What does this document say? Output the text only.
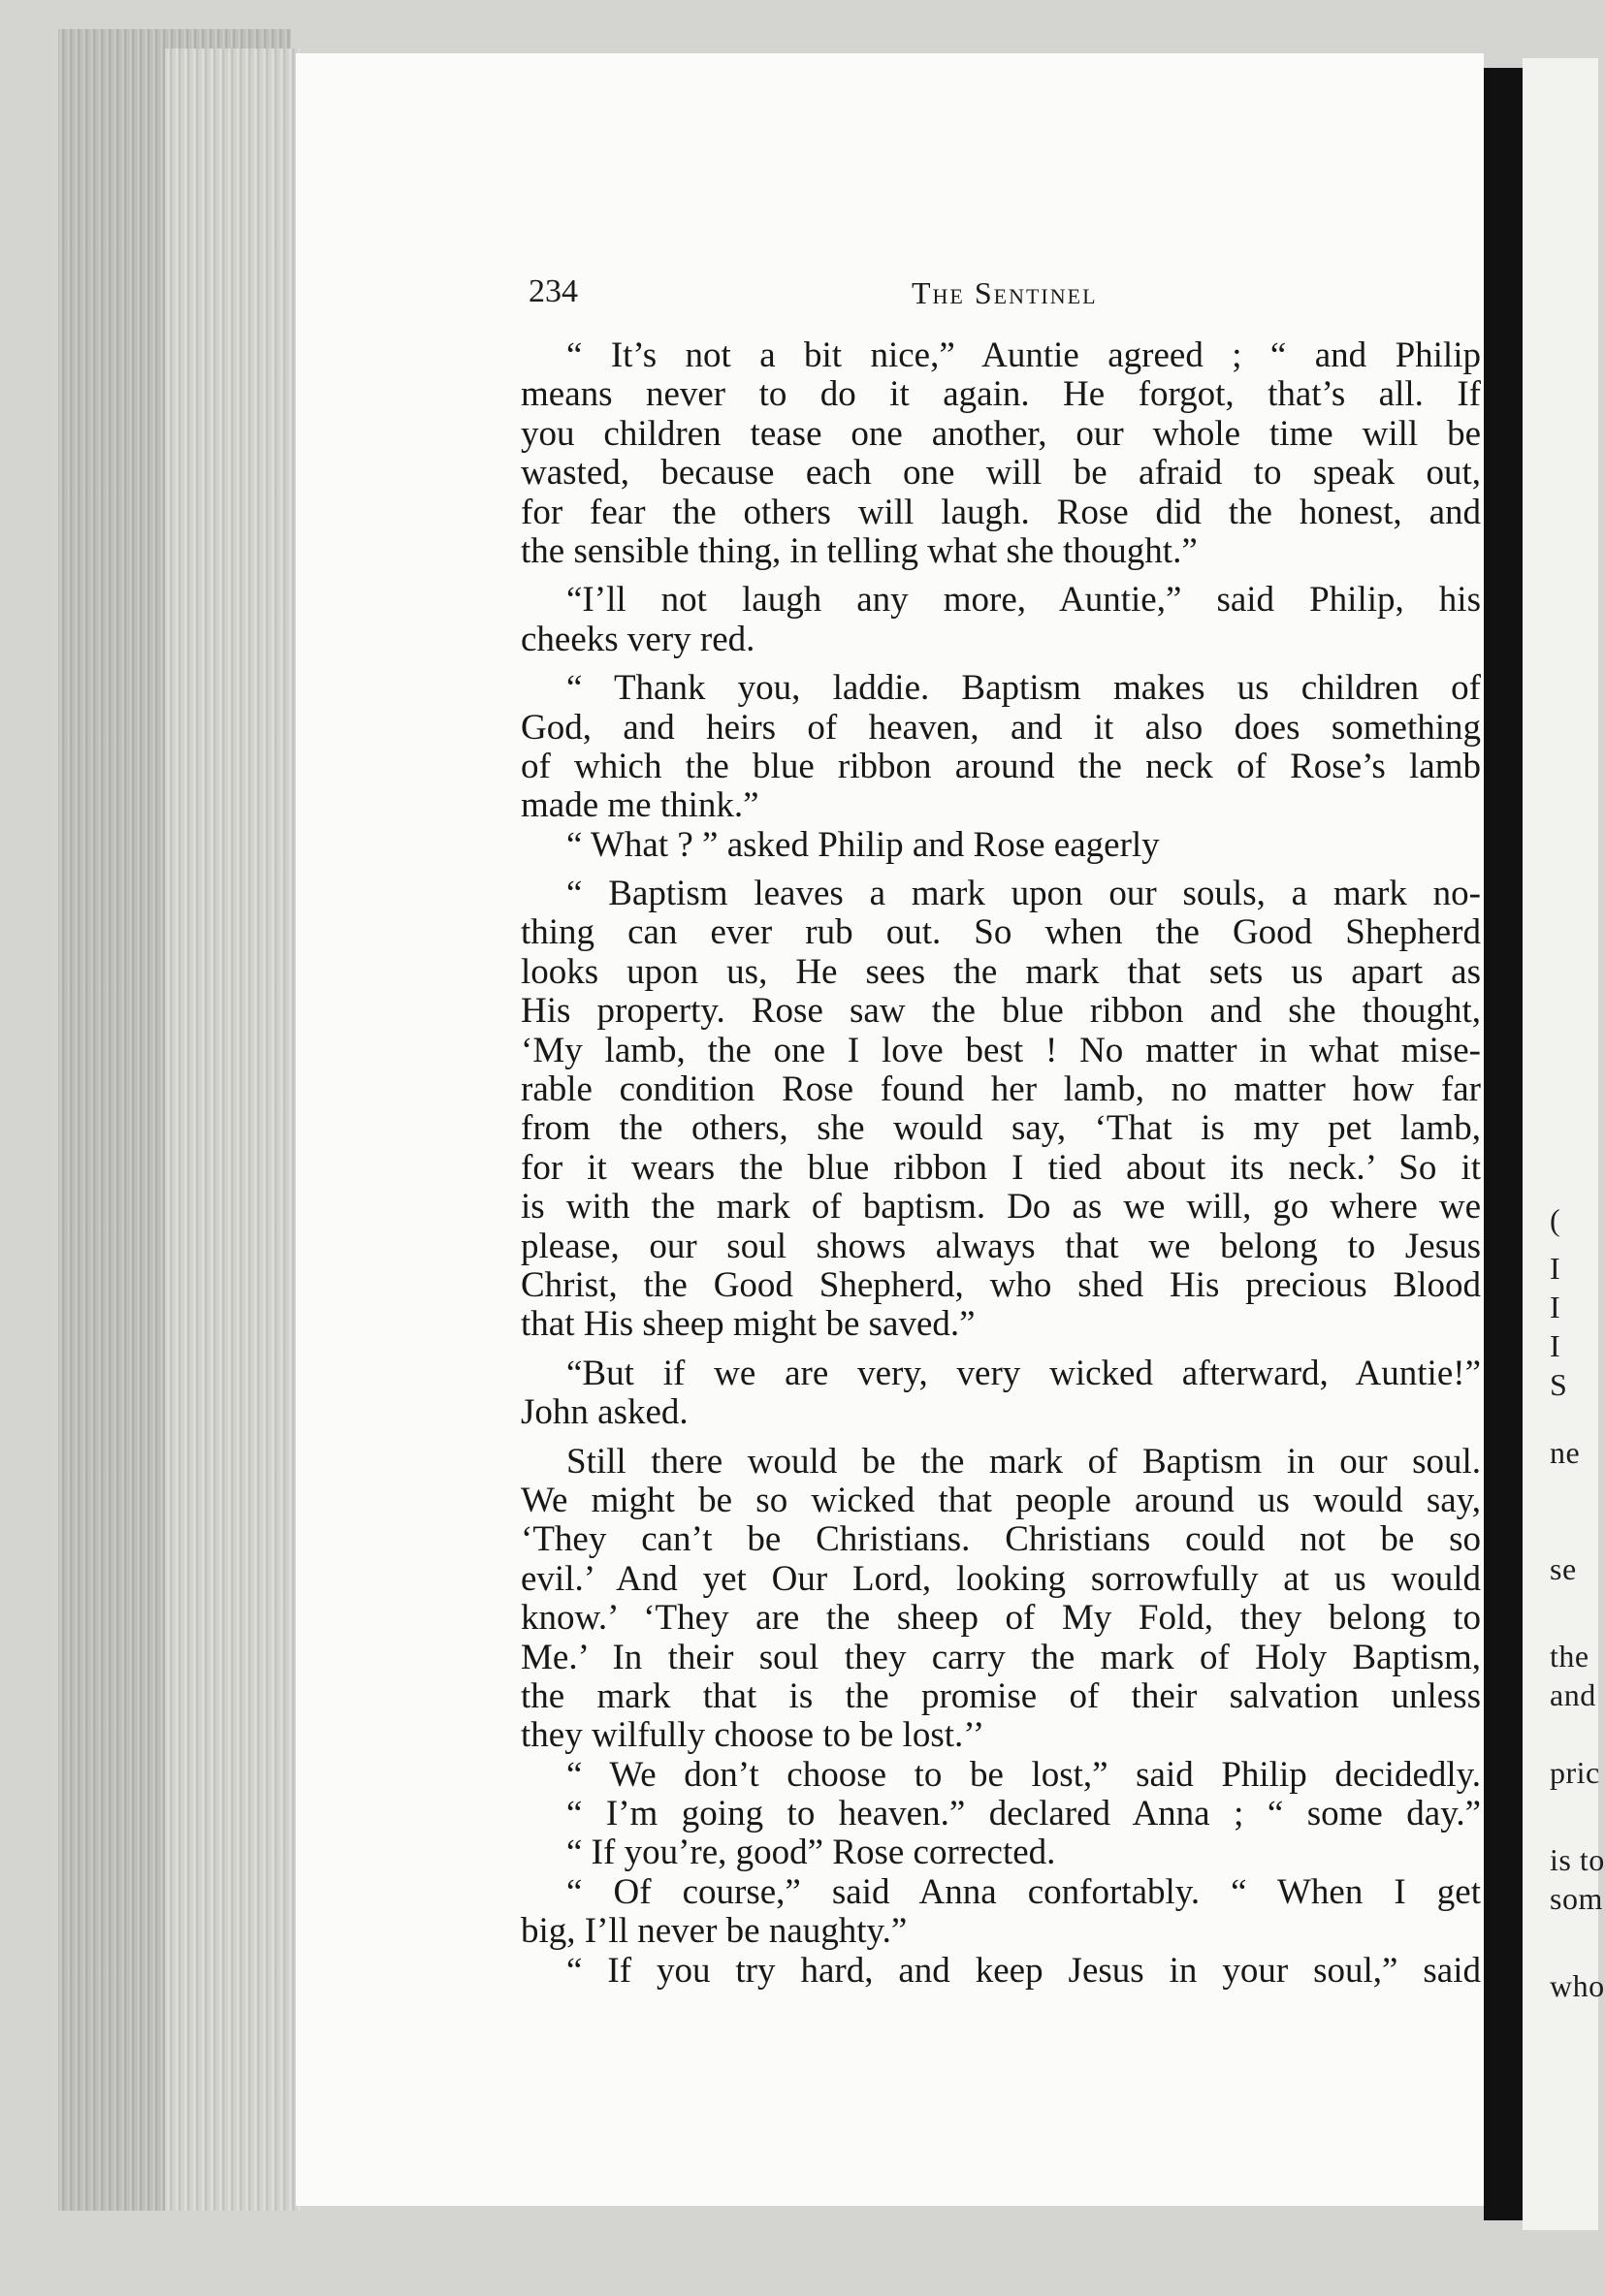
234	The Sentinel
“ It’s not a bit nice,” Auntie agreed ; “ and Philip
means never to do it again. He forgot, that’s all. If
you children tease one another, our whole time will be
wasted, because each one will be afraid to speak out,
for fear the others will laugh. Rose did the honest, and
the sensible thing, in telling what she thought.”
“I’ll not laugh any more, Auntie,” said Philip, his
cheeks very red.
“ Thank you, laddie. Baptism makes us children of
God, and heirs of heaven, and it also does something
of which the blue ribbon around the neck of Rose’s lamb
made me think.”
“ What ? ” asked Philip and Rose eagerly
“ Baptism leaves a mark upon our souls, a mark no-
thing can ever rub out. So when the Good Shepherd
looks upon us, He sees the mark that sets us apart as
His property. Rose saw the blue ribbon and she thought,
‘My lamb, the one I love best ! No matter in what mise-
rable condition Rose found her lamb, no matter how far
from the others, she would say, ‘That is my pet lamb,
for it wears the blue ribbon I tied about its neck.’ So it
is with the mark of baptism. Do as we will, go where we
please, our soul shows always that we belong to Jesus
Christ, the Good Shepherd, who shed His precious Blood
that His sheep might be saved.”
“But if we are very, very wicked afterward, Auntie!”
John asked.
Still there would be the mark of Baptism in our soul.
We might be so wicked that people around us would say,
‘They can’t be Christians. Christians could not be so
evil.’ And yet Our Lord, looking sorrowfully at us would
know.’ ‘They are the sheep of My Fold, they belong to
Me.’ In their soul they carry the mark of Holy Baptism,
the mark that is the promise of their salvation unless
they wilfully choose to be lost.’’
“ We don’t choose to be lost,” said Philip decidedly.
“ I’m going to heaven.” declared Anna ; “ some day.”
“ If you’re, good” Rose corrected.
“ Of course,” said Anna confortably. “ When I get
big, I’ll never be naughty.”
“ If you try hard, and keep Jesus in your soul,” said
(
I
I
I
S
ne
se
the
and
pric
is to
som
who
